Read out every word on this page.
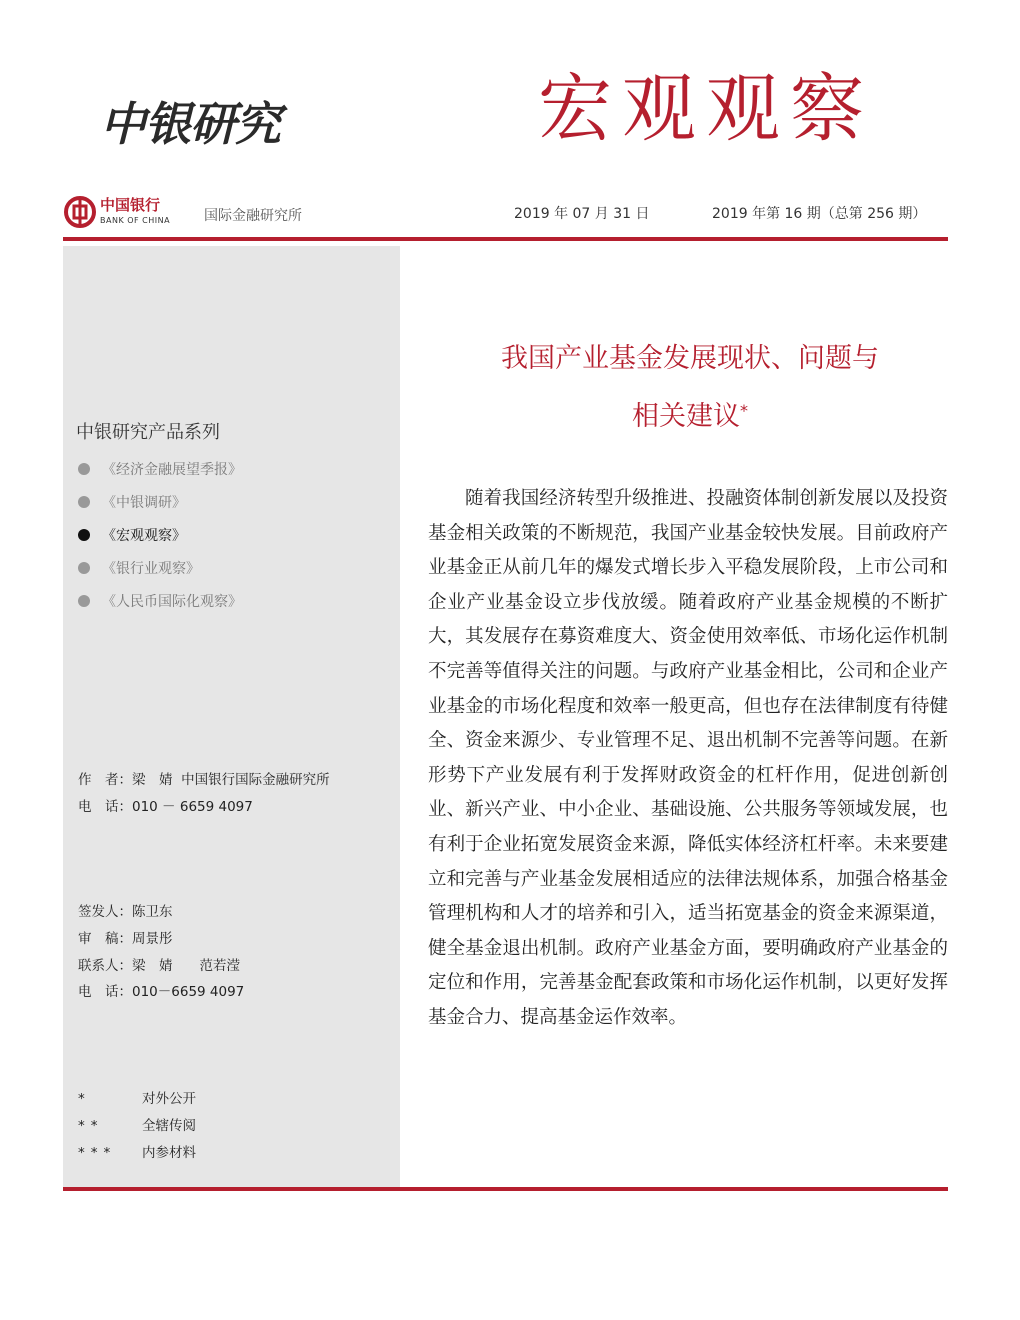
中银研究	宏观观察
中国银行
BANK OF CHINA 国际金融研究所	2019 年 07 月 31 日	2019 年第 16 期（总第 256 期）
中银研究产品系列
《经济金融展望季报》
《中银调研》
《宏观观察》
《银行业观察》
《人民币国际化观察》
作　者：梁　婧  中国银行国际金融研究所
电　话：010 － 6659 4097
签发人：陈卫东
审　稿：周景彤
联系人：梁　婧　　范若滢
电　话：010－6659 4097
*	对外公开
**	全辖传阅
*** 内参材料
我国产业基金发展现状、问题与
相关建议*

随着我国经济转型升级推进、投融资体制创新发展以及投资基金相关政策的不断规范，我国产业基金较快发展。目前政府产业基金正从前几年的爆发式增长步入平稳发展阶段，上市公司和企业产业基金设立步伐放缓。随着政府产业基金规模的不断扩大，其发展存在募资难度大、资金使用效率低、市场化运作机制不完善等值得关注的问题。与政府产业基金相比，公司和企业产业基金的市场化程度和效率一般更高，但也存在法律制度有待健全、资金来源少、专业管理不足、退出机制不完善等问题。在新形势下产业发展有利于发挥财政资金的杠杆作用，促进创新创业、新兴产业、中小企业、基础设施、公共服务等领域发展，也有利于企业拓宽发展资金来源，降低实体经济杠杆率。未来要建立和完善与产业基金发展相适应的法律法规体系，加强合格基金管理机构和人才的培养和引入，适当拓宽基金的资金来源渠道，健全基金退出机制。政府产业基金方面，要明确政府产业基金的定位和作用，完善基金配套政策和市场化运作机制，以更好发挥基金合力、提高基金运作效率。
